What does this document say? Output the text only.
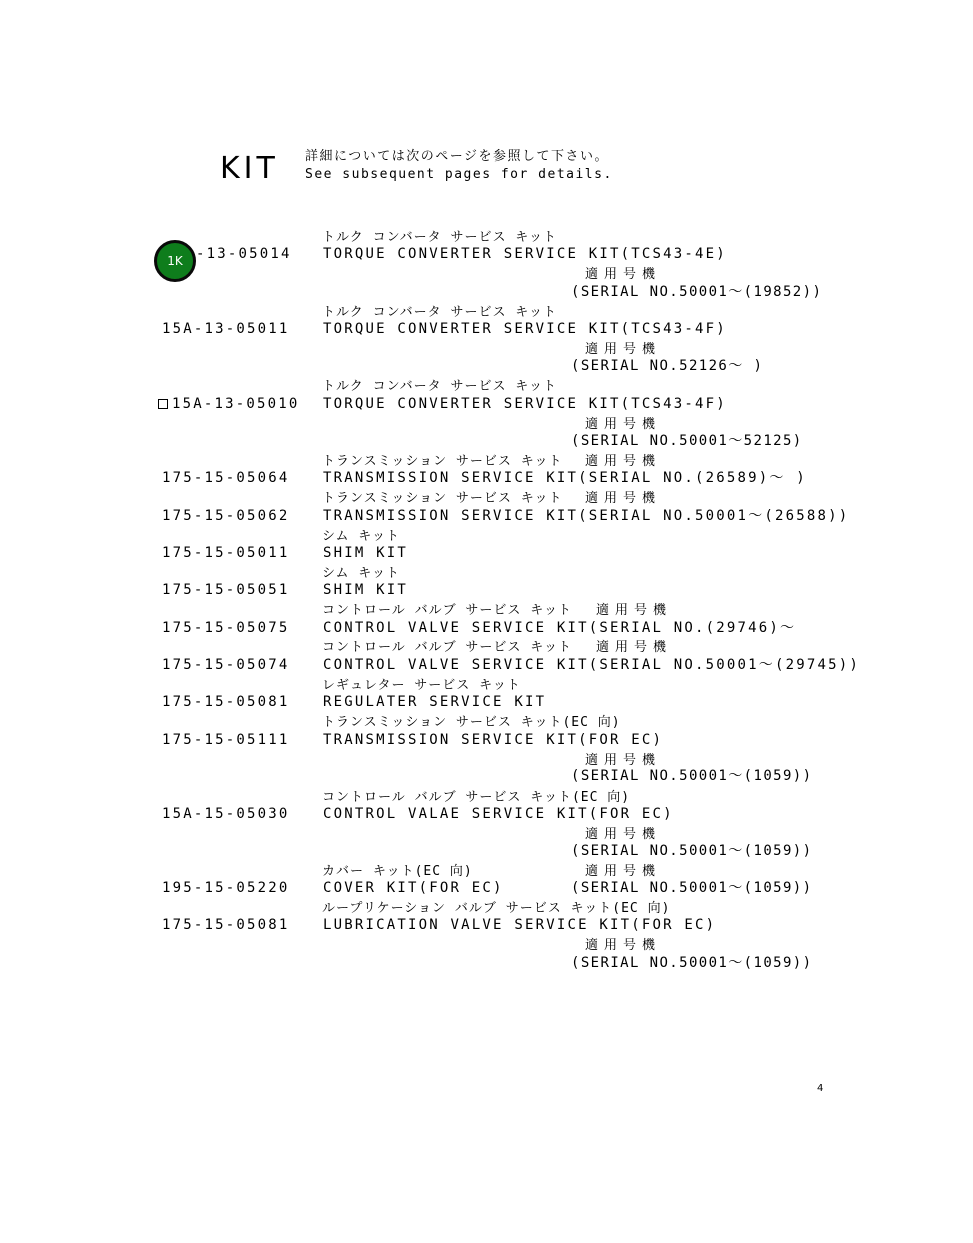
KIT 詳細については次のページを参照して下さい。
See subsequent pages for details.
1K
トルク コンバータ サービス キット
-13-05014 TORQUE CONVERTER SERVICE KIT(TCS43-4E)
適用号機
(SERIAL NO.50001～(19852))
トルク コンバータ サービス キット
15A-13-05011 TORQUE CONVERTER SERVICE KIT(TCS43-4F)
適用号機
(SERIAL NO.52126～ )
トルク コンバータ サービス キット
15A-13-05010 TORQUE CONVERTER SERVICE KIT(TCS43-4F)
適用号機
(SERIAL NO.50001～52125)
トランスミッション サービス キット 適用号機
175-15-05064 TRANSMISSION SERVICE KIT(SERIAL NO.(26589)～ )
トランスミッション サービス キット 適用号機
175-15-05062 TRANSMISSION SERVICE KIT(SERIAL NO.50001～(26588))
シム キット
175-15-05011 SHIM KIT
シム キット
175-15-05051 SHIM KIT
コントロール バルブ サービス キット 適用号機
175-15-05075 CONTROL VALVE SERVICE KIT(SERIAL NO.(29746)～
コントロール バルブ サービス キット 適用号機
175-15-05074 CONTROL VALVE SERVICE KIT(SERIAL NO.50001～(29745))
レギュレター サービス キット
175-15-05081 REGULATER SERVICE KIT
トランスミッション サービス キット(EC 向)
175-15-05111 TRANSMISSION SERVICE KIT(FOR EC)
適用号機
(SERIAL NO.50001～(1059))
コントロール バルブ サービス キット(EC 向)
15A-15-05030 CONTROL VALAE SERVICE KIT(FOR EC)
適用号機
(SERIAL NO.50001～(1059))
カバー キット(EC 向)	適用号機
195-15-05220 COVER KIT(FOR EC)	(SERIAL NO.50001～(1059))
ループリケーション バルブ サービス キット(EC 向)
175-15-05081 LUBRICATION VALVE SERVICE KIT(FOR EC)
適用号機
(SERIAL NO.50001～(1059))
4
